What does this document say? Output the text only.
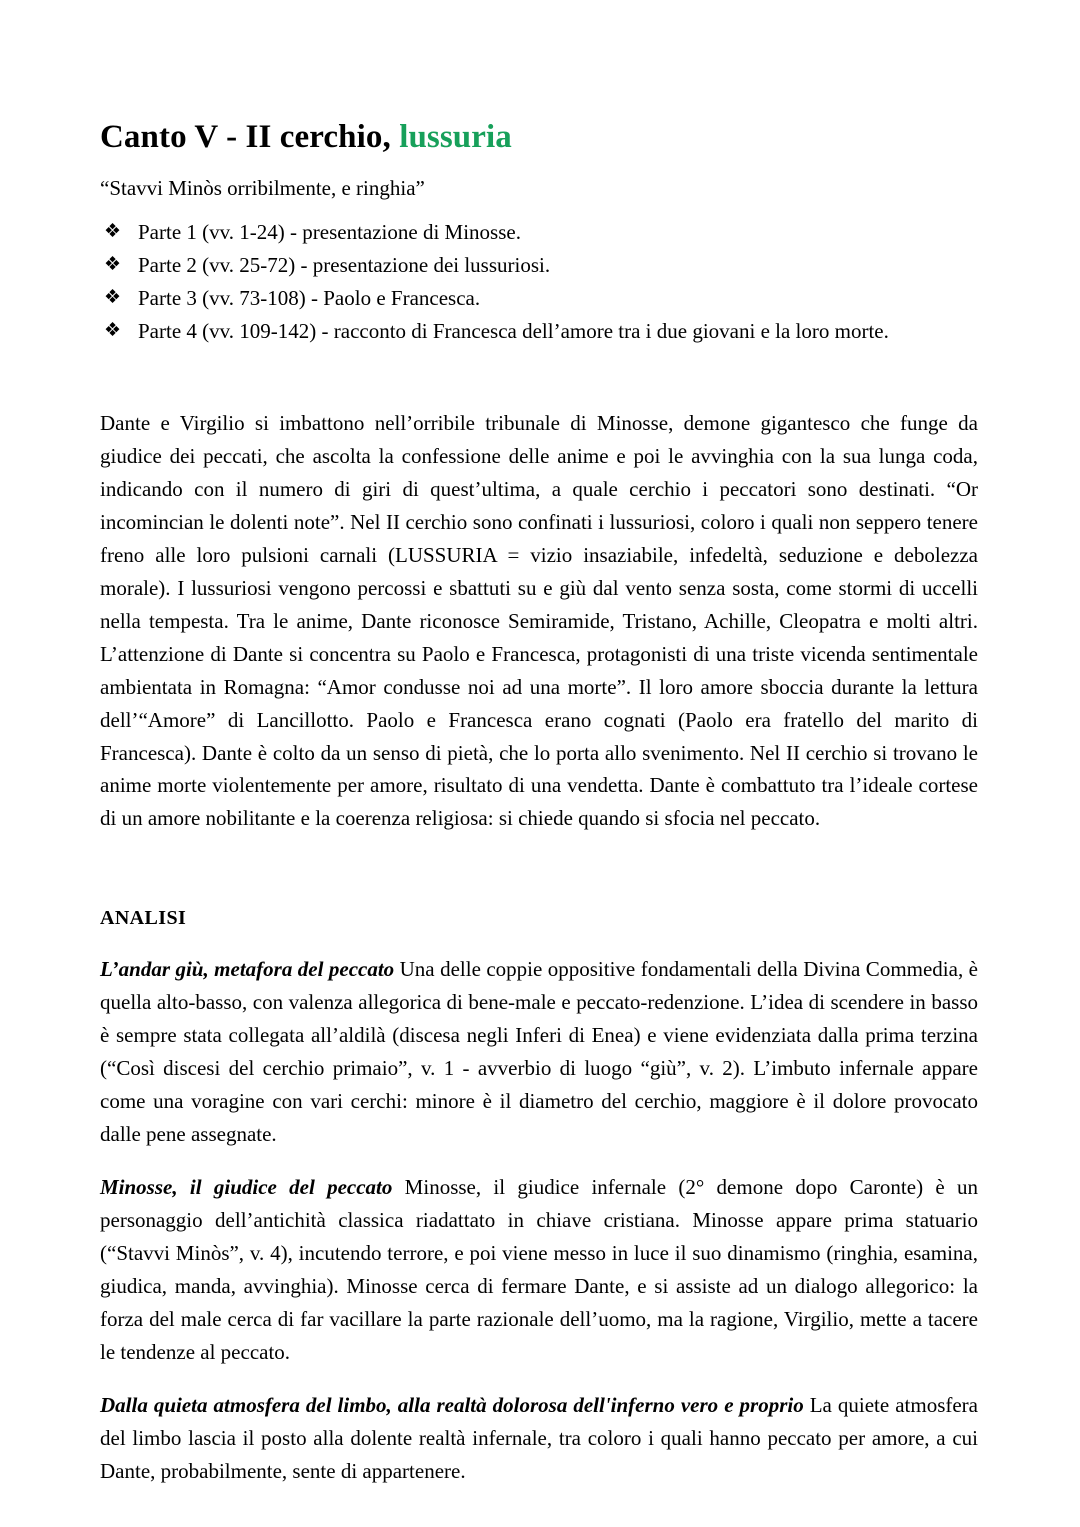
Canto V - II cerchio, lussuria

“Stavvi Minòs orribilmente, e ringhia”

❖ Parte 1 (vv. 1-24) - presentazione di Minosse.
❖ Parte 2 (vv. 25-72) - presentazione dei lussuriosi.
❖ Parte 3 (vv. 73-108) - Paolo e Francesca.
❖ Parte 4 (vv. 109-142) - racconto di Francesca dell’amore tra i due giovani e la loro morte.

Dante e Virgilio si imbattono nell’orribile tribunale di Minosse, demone gigantesco che funge da giudice dei peccati, che ascolta la confessione delle anime e poi le avvinghia con la sua lunga coda, indicando con il numero di giri di quest’ultima, a quale cerchio i peccatori sono destinati. “Or incomincian le dolenti note”. Nel II cerchio sono confinati i lussuriosi, coloro i quali non seppero tenere freno alle loro pulsioni carnali (LUSSURIA = vizio insaziabile, infedeltà, seduzione e debolezza morale). I lussuriosi vengono percossi e sbattuti su e giù dal vento senza sosta, come stormi di uccelli nella tempesta. Tra le anime, Dante riconosce Semiramide, Tristano, Achille, Cleopatra e molti altri. L’attenzione di Dante si concentra su Paolo e Francesca, protagonisti di una triste vicenda sentimentale ambientata in Romagna: “Amor condusse noi ad una morte”. Il loro amore sboccia durante la lettura dell’“Amore” di Lancillotto. Paolo e Francesca erano cognati (Paolo era fratello del marito di Francesca). Dante è colto da un senso di pietà, che lo porta allo svenimento. Nel II cerchio si trovano le anime morte violentemente per amore, risultato di una vendetta. Dante è combattuto tra l’ideale cortese di un amore nobilitante e la coerenza religiosa: si chiede quando si sfocia nel peccato.

ANALISI

L’andar giù, metafora del peccato Una delle coppie oppositive fondamentali della Divina Commedia, è quella alto-basso, con valenza allegorica di bene-male e peccato-redenzione. L’idea di scendere in basso è sempre stata collegata all’aldilà (discesa negli Inferi di Enea) e viene evidenziata dalla prima terzina (“Così discesi del cerchio primaio”, v. 1 - avverbio di luogo “giù”, v. 2). L’imbuto infernale appare come una voragine con vari cerchi: minore è il diametro del cerchio, maggiore è il dolore provocato dalle pene assegnate.

Minosse, il giudice del peccato Minosse, il giudice infernale (2° demone dopo Caronte) è un personaggio dell’antichità classica riadattato in chiave cristiana. Minosse appare prima statuario (“Stavvi Minòs”, v. 4), incutendo terrore, e poi viene messo in luce il suo dinamismo (ringhia, esamina, giudica, manda, avvinghia). Minosse cerca di fermare Dante, e si assiste ad un dialogo allegorico: la forza del male cerca di far vacillare la parte razionale dell’uomo, ma la ragione, Virgilio, mette a tacere le tendenze al peccato.

Dalla quieta atmosfera del limbo, alla realtà dolorosa dell'inferno vero e proprio La quiete atmosfera del limbo lascia il posto alla dolente realtà infernale, tra coloro i quali hanno peccato per amore, a cui Dante, probabilmente, sente di appartenere.
